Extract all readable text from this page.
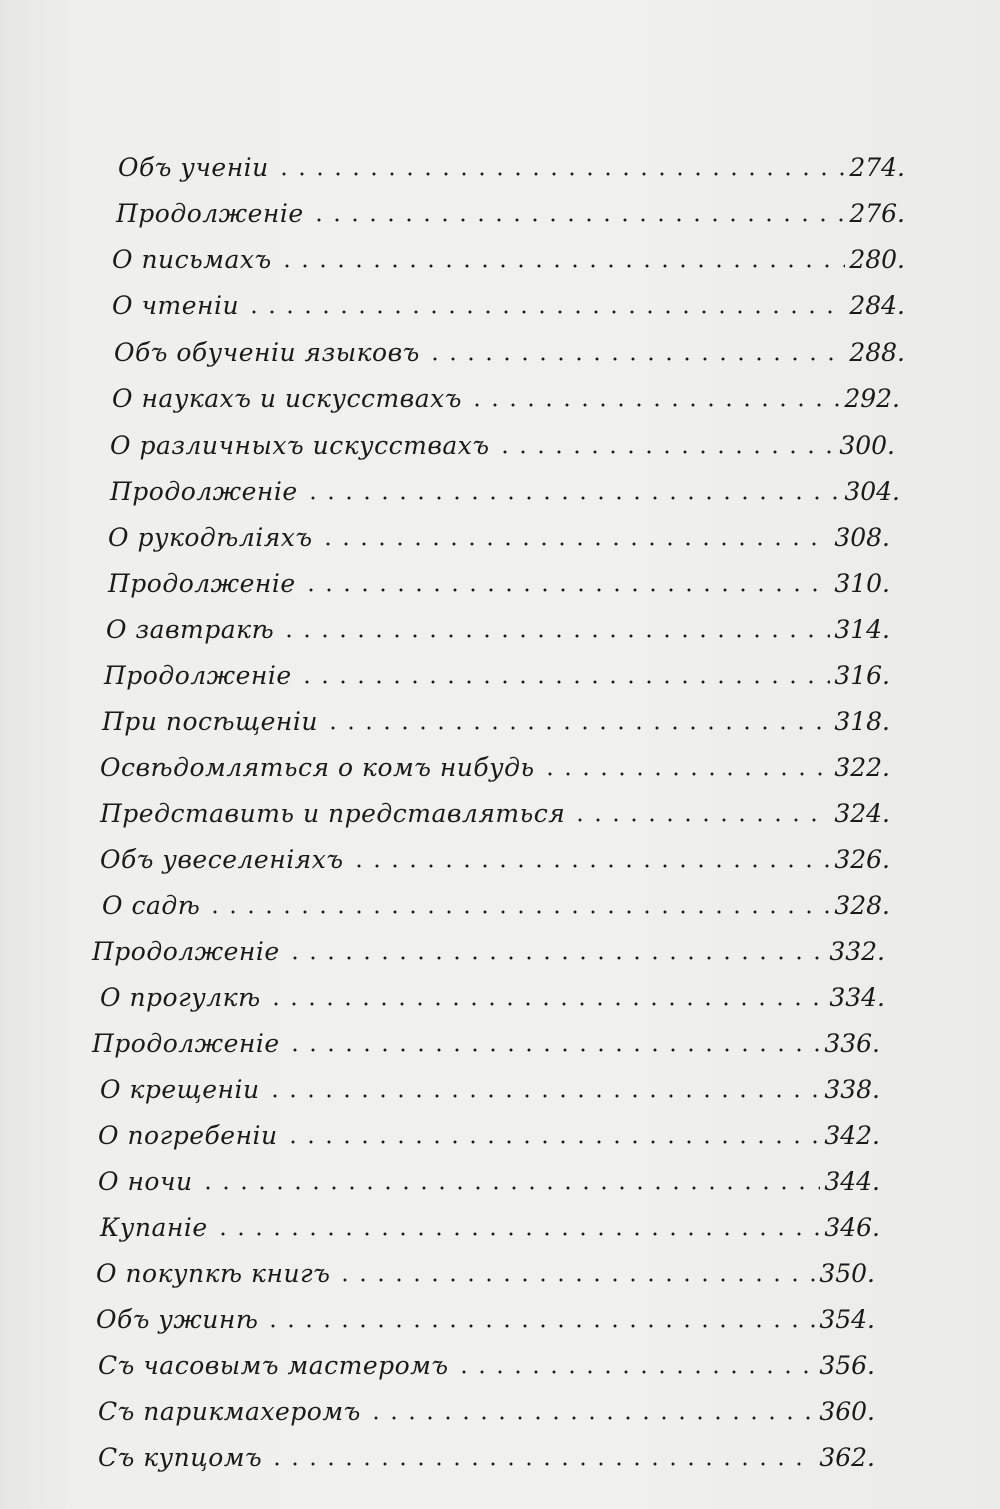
Объ ученіи	274.
Продолженіе	276.
О письмахъ	280.
О чтеніи	284.
Объ обученіи языковъ	288.
О наукахъ и искусствахъ	292.
О различныхъ искусствахъ	300.
Продолженіе	304.
О рукодѣліяхъ	308.
Продолженіе	310.
О завтракѣ	314.
Продолженіе	316.
При посѣщеніи	318.
Освѣдомляться о комъ нибудь	322.
Представить и представляться	324.
Объ увеселеніяхъ	326.
О садѣ	328.
Продолженіе	332.
О прогулкѣ	334.
Продолженіе	336.
О крещеніи	338.
О погребеніи	342.
О ночи	344.
Купаніе	346.
О покупкѣ книгъ	350.
Объ ужинѣ	354.
Съ часовымъ мастеромъ	356.
Съ парикмахеромъ	360.
Съ купцомъ	362.
